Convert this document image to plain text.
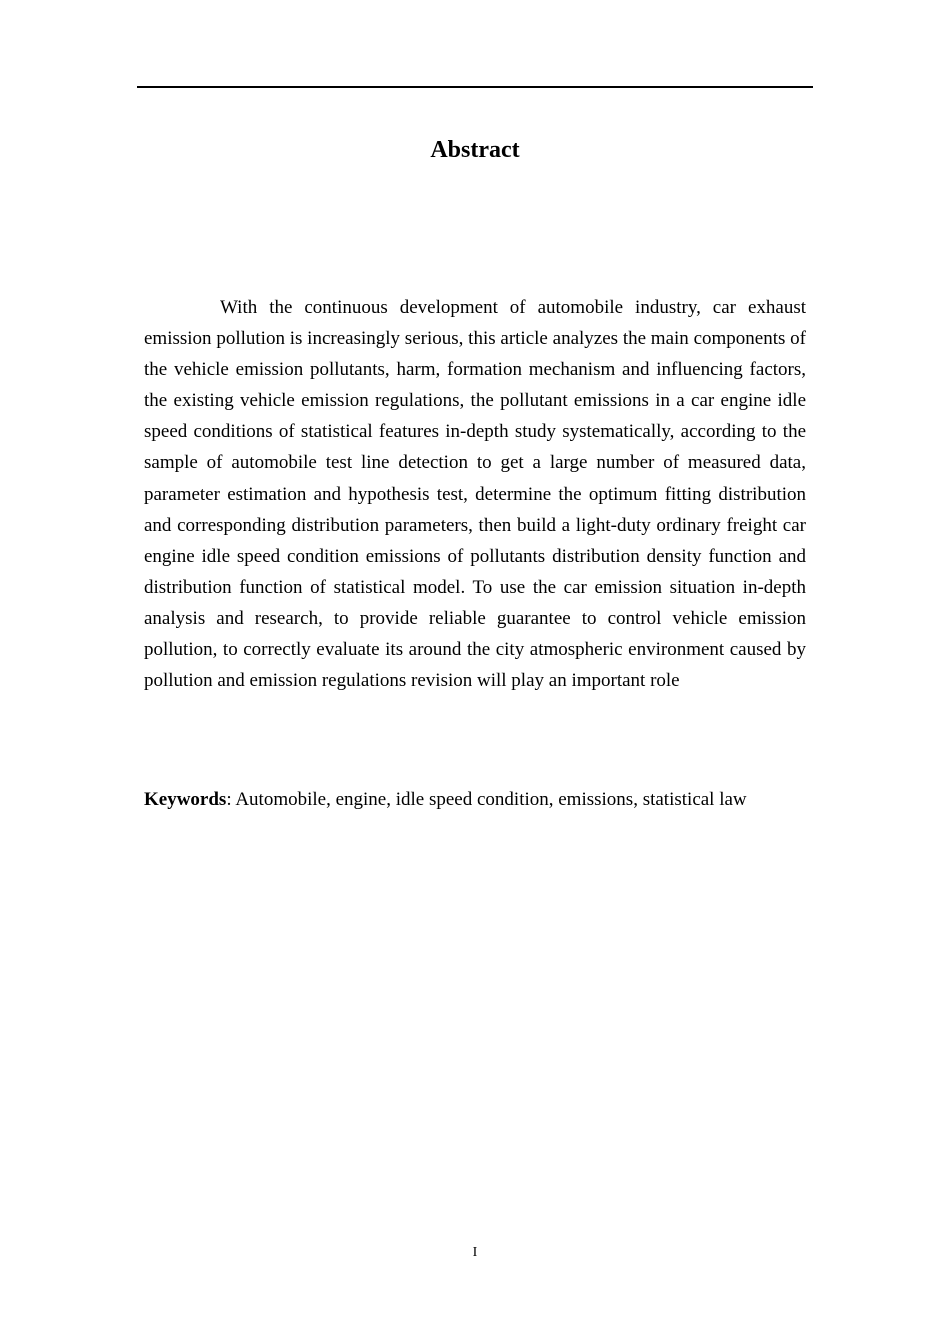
Abstract

With the continuous development of automobile industry, car exhaust emission pollution is increasingly serious, this article analyzes the main components of the vehicle emission pollutants, harm, formation mechanism and influencing factors, the existing vehicle emission regulations, the pollutant emissions in a car engine idle speed conditions of statistical features in-depth study systematically, according to the sample of automobile test line detection to get a large number of measured data, parameter estimation and hypothesis test, determine the optimum fitting distribution and corresponding distribution parameters, then build a light-duty ordinary freight car engine idle speed condition emissions of pollutants distribution density function and distribution function of statistical model. To use the car emission situation in-depth analysis and research, to provide reliable guarantee to control vehicle emission pollution, to correctly evaluate its around the city atmospheric environment caused by pollution and emission regulations revision will play an important role

Keywords: Automobile, engine, idle speed condition, emissions, statistical law

I
